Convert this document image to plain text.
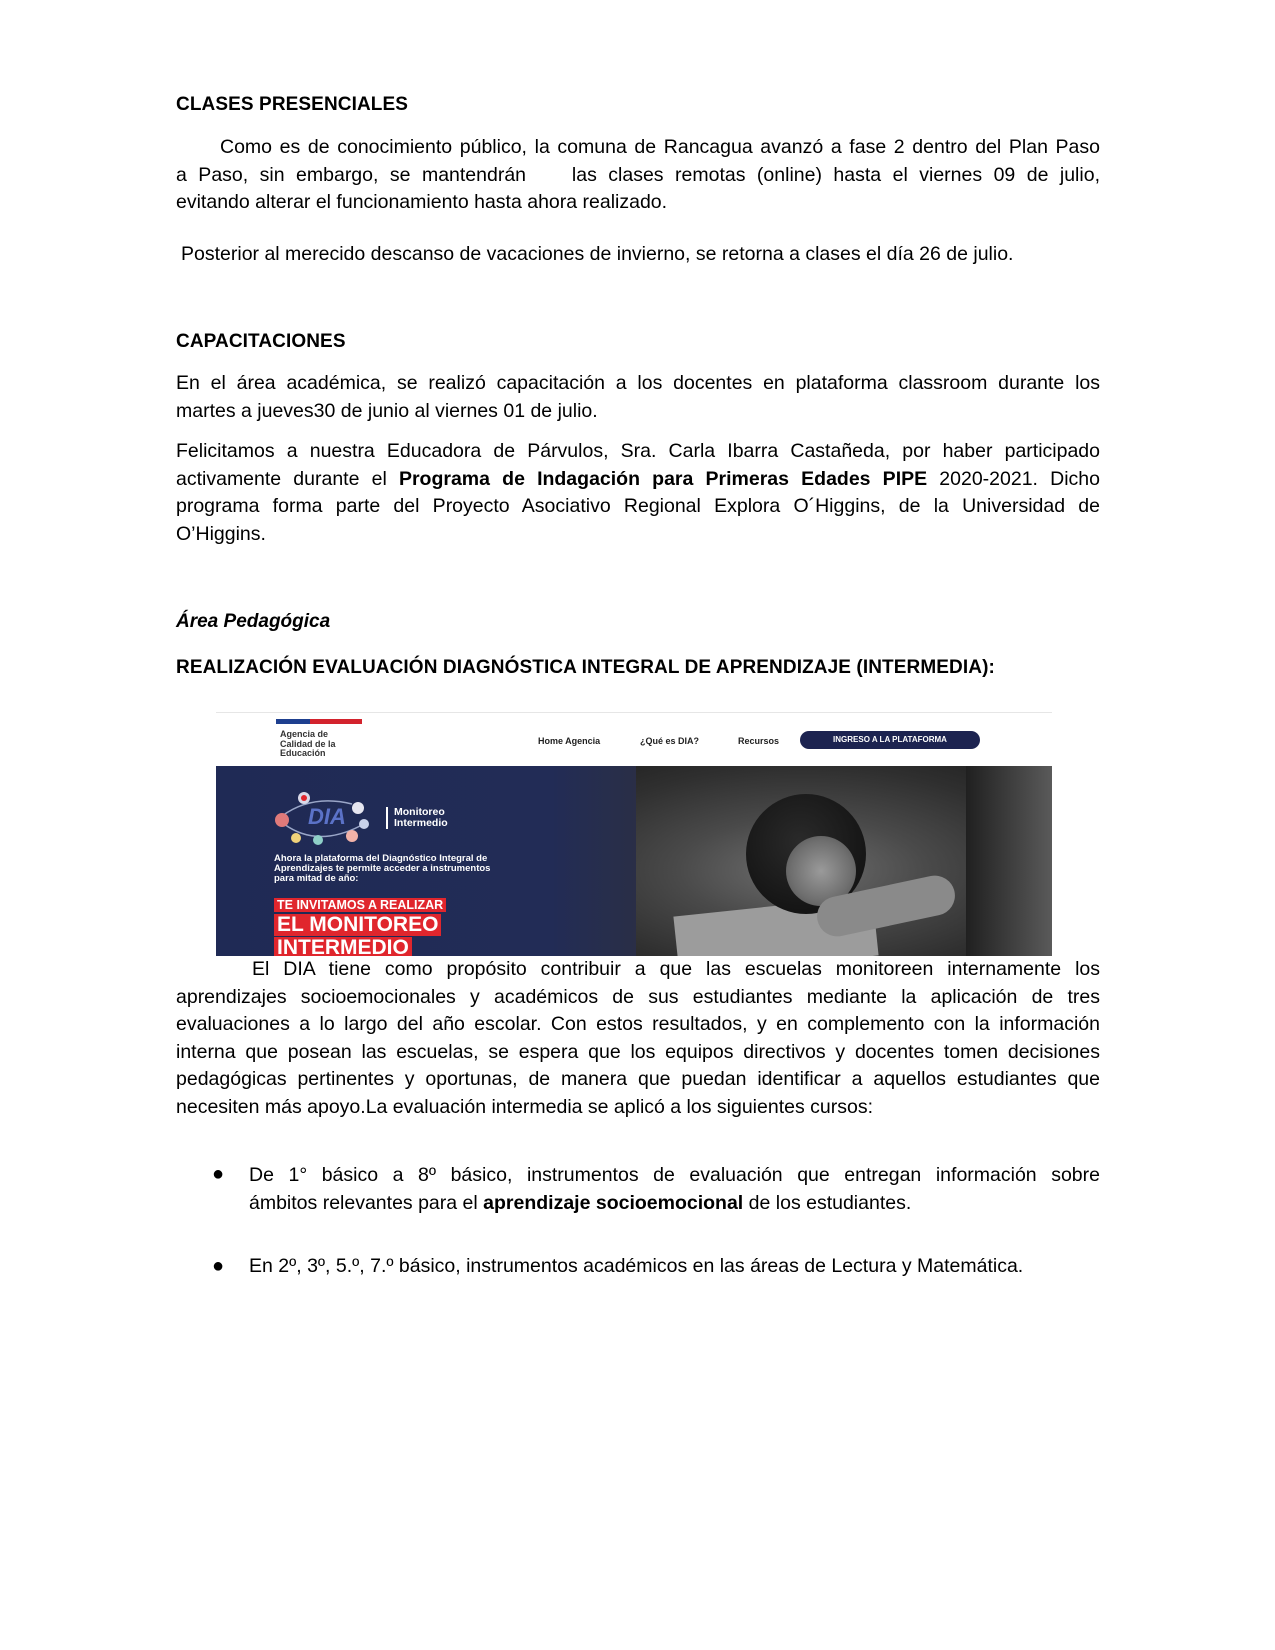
CLASES PRESENCIALES
Como es de conocimiento público, la comuna de Rancagua avanzó a fase 2 dentro del Plan Paso
a Paso, sin embargo, se mantendrán    las clases remotas (online) hasta el viernes 09 de julio,
evitando alterar el funcionamiento hasta ahora realizado.
Posterior al merecido descanso de vacaciones de invierno, se retorna a clases el día 26 de julio.
CAPACITACIONES
En el área académica, se realizó capacitación a los docentes en plataforma classroom durante los
martes a jueves30 de junio al viernes 01 de julio.
Felicitamos a nuestra Educadora de Párvulos, Sra. Carla Ibarra Castañeda, por haber participado
activamente durante el Programa de Indagación para Primeras Edades PIPE 2020-2021. Dicho
programa forma parte del Proyecto Asociativo Regional Explora O´Higgins, de la Universidad de
O’Higgins.
Área Pedagógica
REALIZACIÓN EVALUACIÓN DIAGNÓSTICA INTEGRAL DE APRENDIZAJE (INTERMEDIA):
Agencia de
Calidad de la
Educación
Home Agencia	¿Qué es DIA?	Recursos	INGRESO A LA PLATAFORMA
DIA	Monitoreo
Intermedio
Ahora la plataforma del Diagnóstico Integral de
Aprendizajes te permite acceder a instrumentos
para mitad de año:
TE INVITAMOS A REALIZAR
EL MONITOREO
INTERMEDIO
El DIA tiene como propósito contribuir a que las escuelas monitoreen internamente los
aprendizajes socioemocionales y académicos de sus estudiantes mediante la aplicación de tres
evaluaciones a lo largo del año escolar. Con estos resultados, y en complemento con la información
interna que posean las escuelas, se espera que los equipos directivos y docentes tomen decisiones
pedagógicas pertinentes y oportunas, de manera que puedan identificar a aquellos estudiantes que
necesiten más apoyo.La evaluación intermedia se aplicó a los siguientes cursos:
● De 1° básico a 8º básico, instrumentos de evaluación que entregan información sobre
ámbitos relevantes para el aprendizaje socioemocional de los estudiantes.
● En 2º, 3º, 5.º, 7.º básico, instrumentos académicos en las áreas de Lectura y Matemática.
